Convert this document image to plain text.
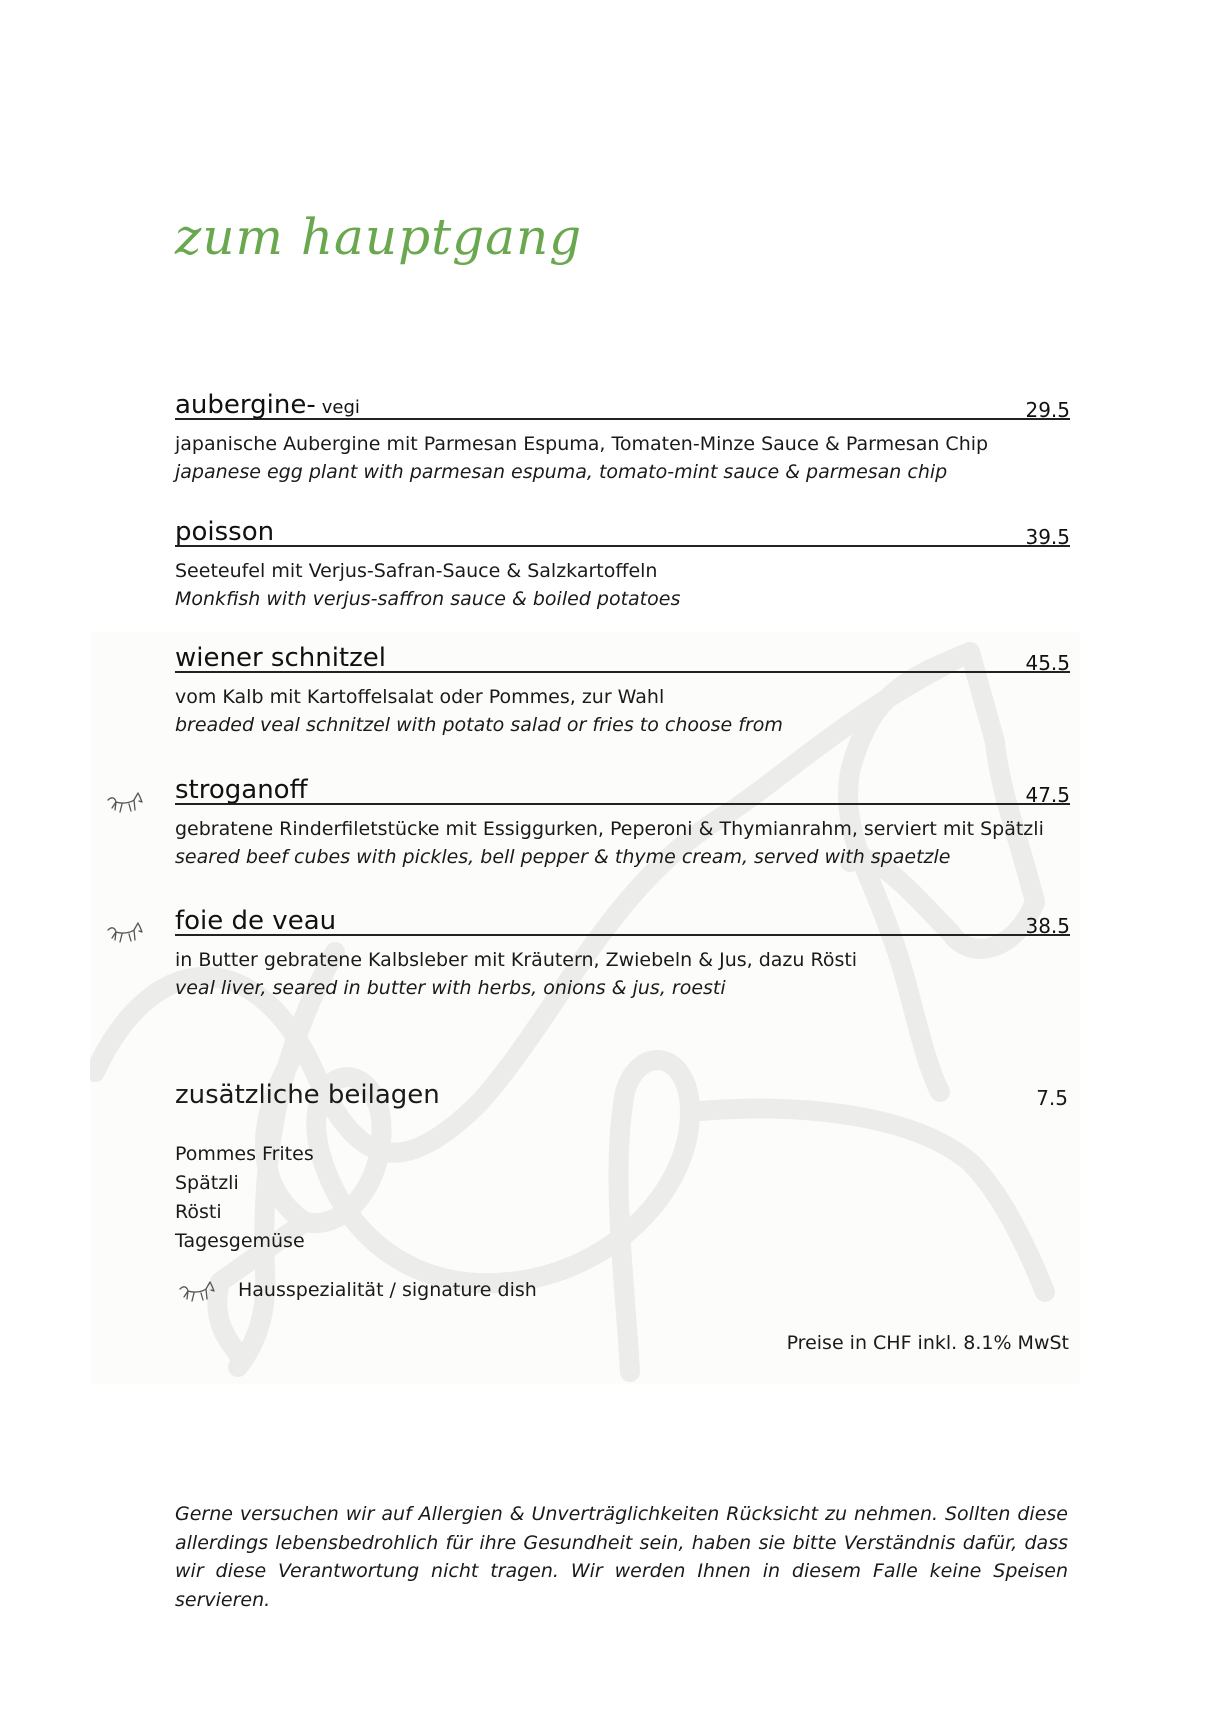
zum hauptgang
aubergine- vegi	29.5
japanische Aubergine mit Parmesan Espuma, Tomaten-Minze Sauce & Parmesan Chip
japanese egg plant with parmesan espuma, tomato-mint sauce & parmesan chip
poisson	39.5
Seeteufel mit Verjus-Safran-Sauce & Salzkartoffeln
Monkfish with verjus-saffron sauce & boiled potatoes
wiener schnitzel	45.5
vom Kalb mit Kartoffelsalat oder Pommes, zur Wahl
breaded veal schnitzel with potato salad or fries to choose from
stroganoff	47.5
gebratene Rinderfiletstücke mit Essiggurken, Peperoni & Thymianrahm, serviert mit Spätzli
seared beef cubes with pickles, bell pepper & thyme cream, served with spaetzle
foie de veau	38.5
in Butter gebratene Kalbsleber mit Kräutern, Zwiebeln & Jus, dazu Rösti
veal liver, seared in butter with herbs, onions & jus, roesti
zusätzliche beilagen	7.5
Pommes Frites
Spätzli
Rösti
Tagesgemüse
Hausspezialität / signature dish
Preise in CHF inkl. 8.1% MwSt

Gerne versuchen wir auf Allergien & Unverträglichkeiten Rücksicht zu nehmen. Sollten diese allerdings lebensbedrohlich für ihre Gesundheit sein, haben sie bitte Verständnis dafür, dass wir diese Verantwortung nicht tragen. Wir werden Ihnen in diesem Falle keine Speisen servieren.
